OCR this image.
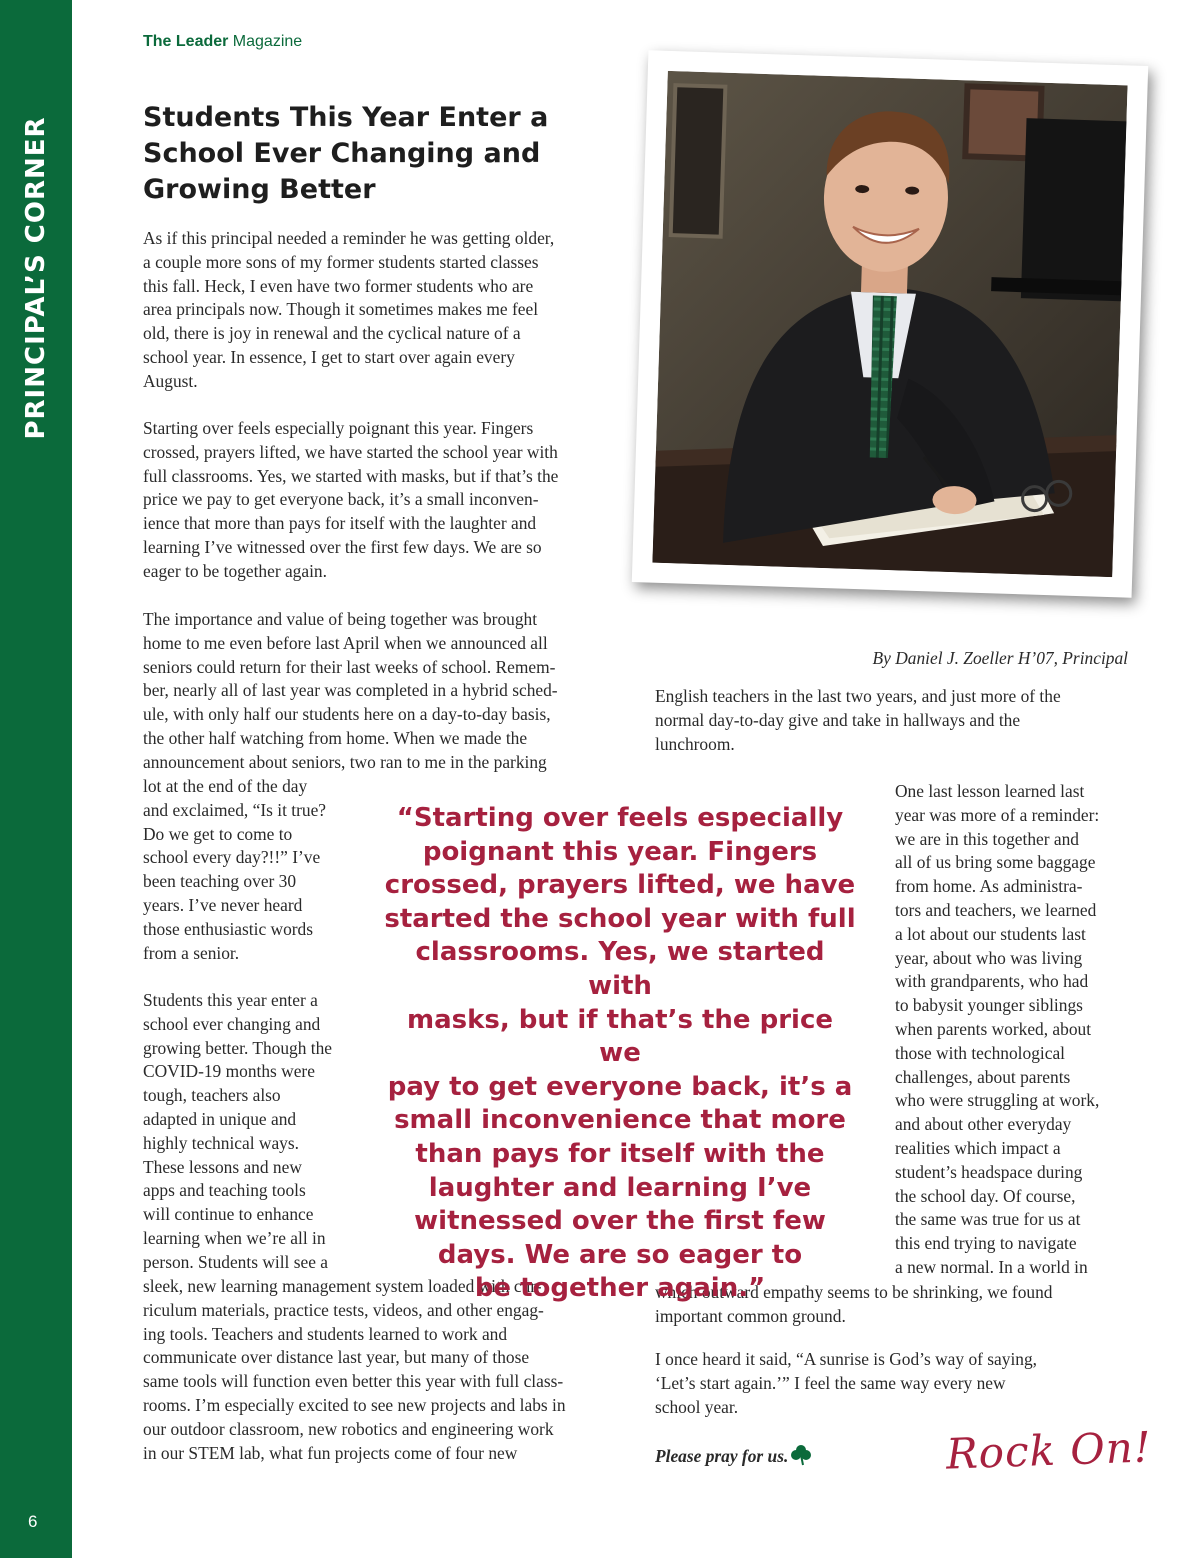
PRINCIPAL’S CORNER
6
The Leader Magazine
Students This Year Enter a
School Ever Changing and
Growing Better

As if this principal needed a reminder he was getting older,
a couple more sons of my former students started classes
this fall. Heck, I even have two former students who are
area principals now. Though it sometimes makes me feel
old, there is joy in renewal and the cyclical nature of a
school year. In essence, I get to start over again every
August.

Starting over feels especially poignant this year. Fingers
crossed, prayers lifted, we have started the school year with
full classrooms. Yes, we started with masks, but if that’s the
price we pay to get everyone back, it’s a small inconven-
ience that more than pays for itself with the laughter and
learning I’ve witnessed over the first few days. We are so
eager to be together again.

The importance and value of being together was brought
home to me even before last April when we announced all
seniors could return for their last weeks of school. Remem-
ber, nearly all of last year was completed in a hybrid sched-
ule, with only half our students here on a day-to-day basis,
the other half watching from home. When we made the
announcement about seniors, two ran to me in the parking

lot at the end of the day
and exclaimed, “Is it true?
Do we get to come to
school every day?!!” I’ve
been teaching over 30
years. I’ve never heard
those enthusiastic words
from a senior.

Students this year enter a
school ever changing and
growing better. Though the
COVID-19 months were
tough, teachers also
adapted in unique and
highly technical ways.
These lessons and new
apps and teaching tools
will continue to enhance
learning when we’re all in
person. Students will see a

sleek, new learning management system loaded with cur-
riculum materials, practice tests, videos, and other engag-
ing tools. Teachers and students learned to work and
communicate over distance last year, but many of those
same tools will function even better this year with full class-
rooms. I’m especially excited to see new projects and labs in
our outdoor classroom, new robotics and engineering work
in our STEM lab, what fun projects come of four new

By Daniel J. Zoeller H’07, Principal

English teachers in the last two years, and just more of the
normal day-to-day give and take in hallways and the
lunchroom.

One last lesson learned last
year was more of a reminder:
we are in this together and
all of us bring some baggage
from home. As administra-
tors and teachers, we learned
a lot about our students last
year, about who was living
with grandparents, who had
to babysit younger siblings
when parents worked, about
those with technological
challenges, about parents
who were struggling at work,
and about other everyday
realities which impact a
student’s headspace during
the school day. Of course,
the same was true for us at
this end trying to navigate
a new normal. In a world in

which outward empathy seems to be shrinking, we found
important common ground.

I once heard it said, “A sunrise is God’s way of saying,
‘Let’s start again.’” I feel the same way every new
school year.

“Starting over feels especially
poignant this year. Fingers
crossed, prayers lifted, we have
started the school year with full
classrooms. Yes, we started with
masks, but if that’s the price we
pay to get everyone back, it’s a
small inconvenience that more
than pays for itself with the
laughter and learning I’ve
witnessed over the first few
days. We are so eager to
be together again.”

Please pray for us.	Rock On!
